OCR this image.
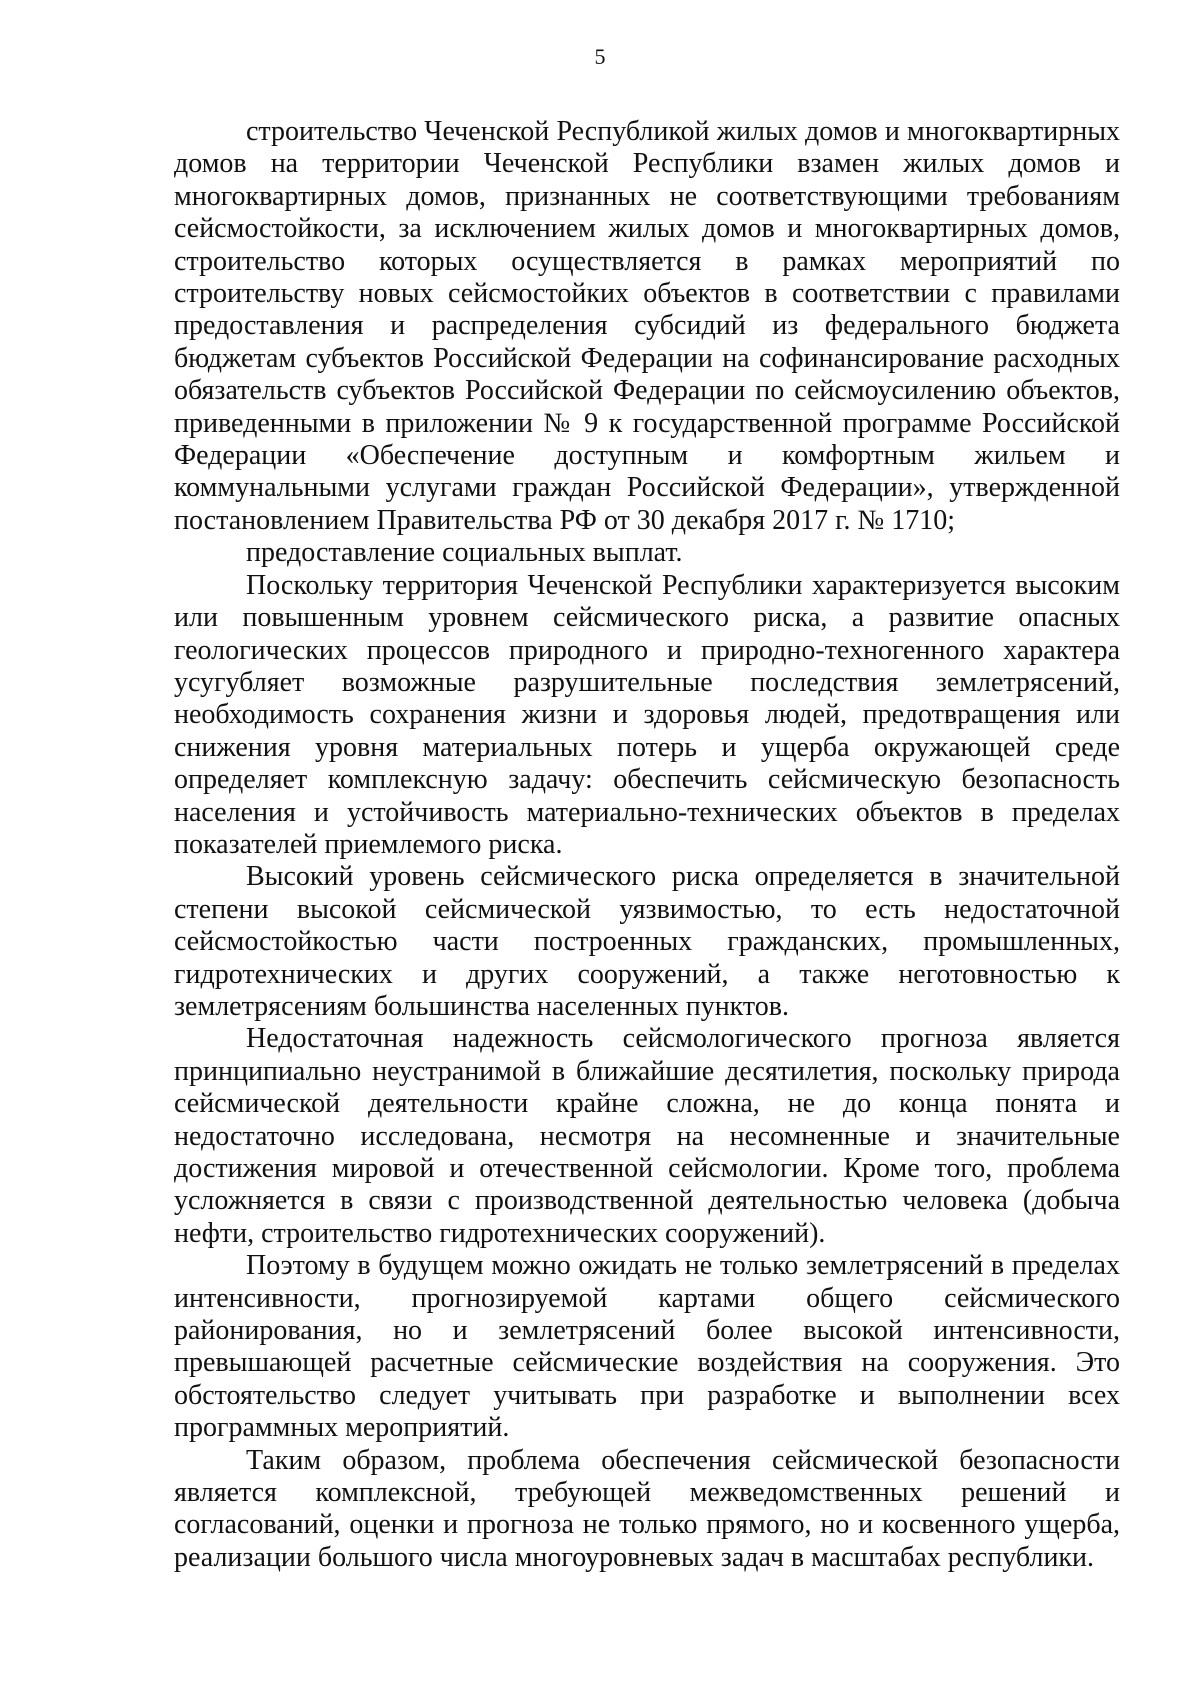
5

строительство Чеченской Республикой жилых домов и многоквартирных домов на территории Чеченской Республики взамен жилых домов и многоквартирных домов, признанных не соответствующими требованиям сейсмостойкости, за исключением жилых домов и многоквартирных домов, строительство которых осуществляется в рамках мероприятий по строительству новых сейсмостойких объектов в соответствии с правилами предоставления и распределения субсидий из федерального бюджета бюджетам субъектов Российской Федерации на софинансирование расходных обязательств субъектов Российской Федерации по сейсмоусилению объектов, приведенными в приложении № 9 к государственной программе Российской Федерации «Обеспечение доступным и комфортным жильем и коммунальными услугами граждан Российской Федерации», утвержденной постановлением Правительства РФ от 30 декабря 2017 г. № 1710;

предоставление социальных выплат.

Поскольку территория Чеченской Республики характеризуется высоким или повышенным уровнем сейсмического риска, а развитие опасных геологических процессов природного и природно-техногенного характера усугубляет возможные разрушительные последствия землетрясений, необходимость сохранения жизни и здоровья людей, предотвращения или снижения уровня материальных потерь и ущерба окружающей среде определяет комплексную задачу: обеспечить сейсмическую безопасность населения и устойчивость материально-технических объектов в пределах показателей приемлемого риска.

Высокий уровень сейсмического риска определяется в значительной степени высокой сейсмической уязвимостью, то есть недостаточной сейсмостойкостью части построенных гражданских, промышленных, гидротехнических и других сооружений, а также неготовностью к землетрясениям большинства населенных пунктов.

Недостаточная надежность сейсмологического прогноза является принципиально неустранимой в ближайшие десятилетия, поскольку природа сейсмической деятельности крайне сложна, не до конца понята и недостаточно исследована, несмотря на несомненные и значительные достижения мировой и отечественной сейсмологии. Кроме того, проблема усложняется в связи с производственной деятельностью человека (добыча нефти, строительство гидротехнических сооружений).

Поэтому в будущем можно ожидать не только землетрясений в пределах интенсивности, прогнозируемой картами общего сейсмического районирования, но и землетрясений более высокой интенсивности, превышающей расчетные сейсмические воздействия на сооружения. Это обстоятельство следует учитывать при разработке и выполнении всех программных мероприятий.

Таким образом, проблема обеспечения сейсмической безопасности является комплексной, требующей межведомственных решений и согласований, оценки и прогноза не только прямого, но и косвенного ущерба, реализации большого числа многоуровневых задач в масштабах республики.
